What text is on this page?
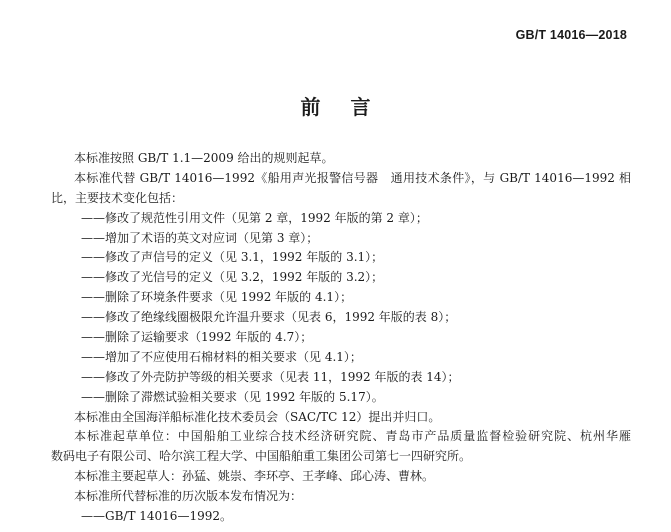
GB/T 14016—2018
前言
本标准按照 GB/T 1.1—2009 给出的规则起草。
本标准代替 GB/T 14016—1992《船用声光报警信号器　通用技术条件》，与 GB/T 14016—1992 相
比，主要技术变化包括：
——修改了规范性引用文件（见第 2 章，1992 年版的第 2 章）；
——增加了术语的英文对应词（见第 3 章）；
——修改了声信号的定义（见 3.1，1992 年版的 3.1）；
——修改了光信号的定义（见 3.2，1992 年版的 3.2）；
——删除了环境条件要求（见 1992 年版的 4.1）；
——修改了绝缘线圈极限允许温升要求（见表 6，1992 年版的表 8）；
——删除了运输要求（1992 年版的 4.7）；
——增加了不应使用石棉材料的相关要求（见 4.1）；
——修改了外壳防护等级的相关要求（见表 11，1992 年版的表 14）；
——删除了滞燃试验相关要求（见 1992 年版的 5.17）。
本标准由全国海洋船标准化技术委员会（SAC/TC 12）提出并归口。
本标准起草单位：中国船舶工业综合技术经济研究院、青岛市产品质量监督检验研究院、杭州华雁
数码电子有限公司、哈尔滨工程大学、中国船舶重工集团公司第七一四研究所。
本标准主要起草人：孙猛、姚崇、李环亭、王孝峰、邱心涛、曹林。
本标准所代替标准的历次版本发布情况为：
——GB/T 14016—1992。
